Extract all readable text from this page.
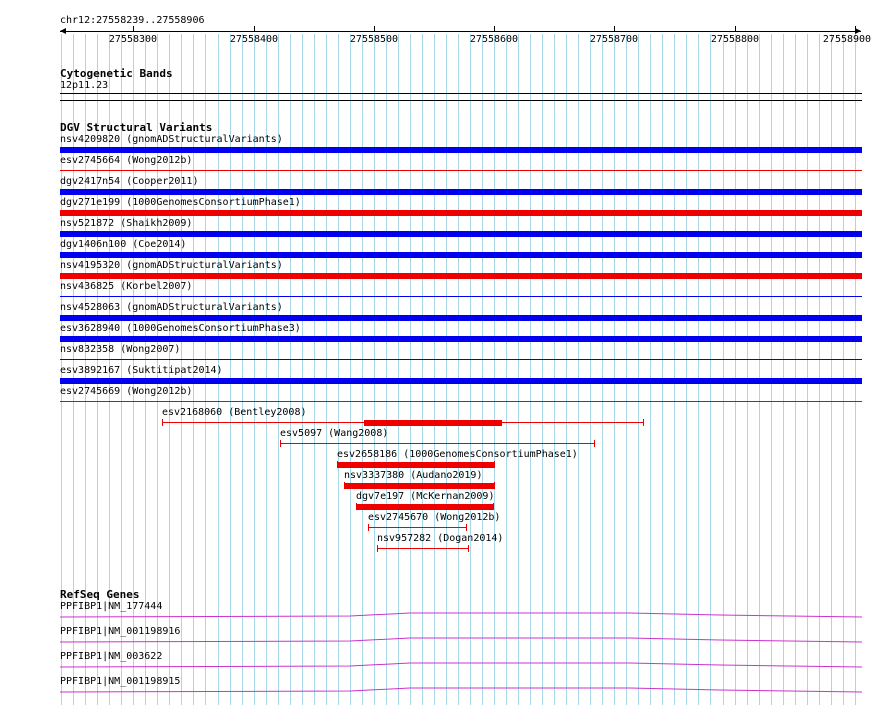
chr12:27558239..27558906
27558300	27558400	27558500	27558600	27558700	27558800	27558900
Cytogenetic Bands
12p11.23
DGV Structural Variants
nsv4209820 (gnomADStructuralVariants)
esv2745664 (Wong2012b)
dgv2417n54 (Cooper2011)
dgv271e199 (1000GenomesConsortiumPhase1)
nsv521872 (Shaikh2009)
dgv1406n100 (Coe2014)
nsv4195320 (gnomADStructuralVariants)
nsv436825 (Korbel2007)
nsv4528063 (gnomADStructuralVariants)
esv3628940 (1000GenomesConsortiumPhase3)
nsv832358 (Wong2007)
esv3892167 (Suktitipat2014)
esv2745669 (Wong2012b)
esv2168060 (Bentley2008)
esv5097 (Wang2008)
esv2658186 (1000GenomesConsortiumPhase1)
nsv3337380 (Audano2019)
dgv7e197 (McKernan2009)
esv2745670 (Wong2012b)
nsv957282 (Dogan2014)
RefSeq Genes
PPFIBP1|NM_177444
PPFIBP1|NM_001198916
PPFIBP1|NM_003622
PPFIBP1|NM_001198915
